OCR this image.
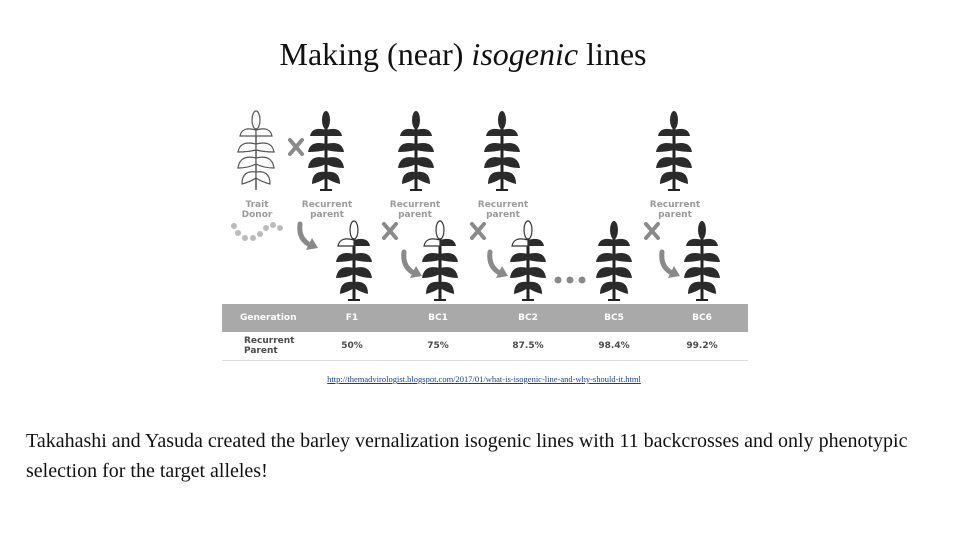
Making (near) isogenic lines
Trait
Donor
Recurrent
parent
Recurrent
parent
Recurrent
parent
Recurrent
parent
Generation	F1	BC1	BC2	BC5	BC6
Recurrent
Parent	50%	75%	87.5%	98.4%	99.2%
http://themadvirologist.blogspot.com/2017/01/what-is-isogenic-line-and-why-should-it.html
Takahashi and Yasuda created the barley vernalization isogenic lines with 11 backcrosses and only phenotypic selection for the target alleles!
